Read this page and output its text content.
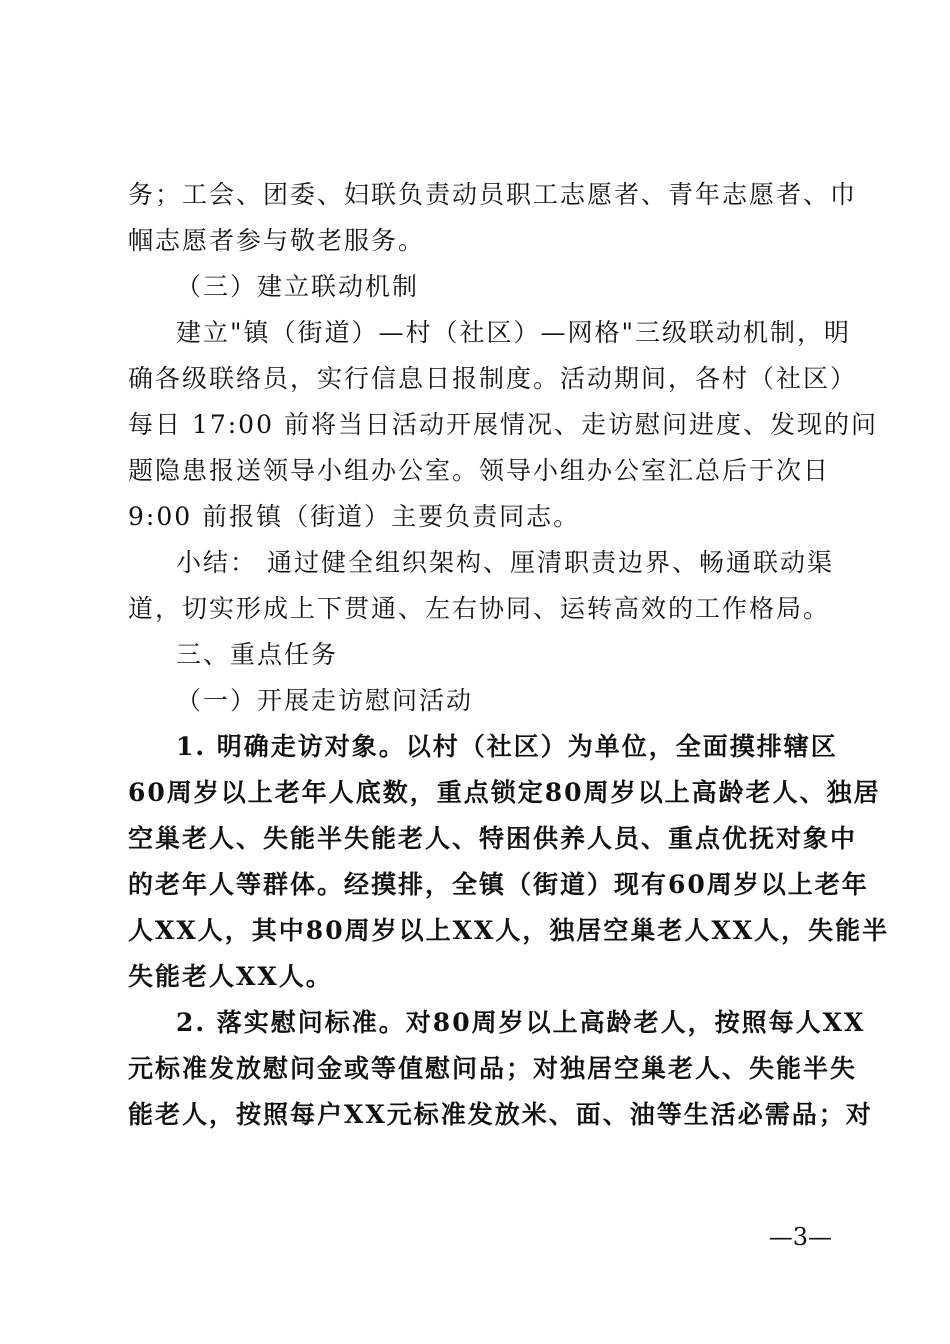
务；工会、团委、妇联负责动员职工志愿者、青年志愿者、巾
帼志愿者参与敬老服务。
（三）建立联动机制
建立"镇（街道）—村（社区）—网格"三级联动机制，明
确各级联络员，实行信息日报制度。活动期间，各村（社区）
每日 17:00 前将当日活动开展情况、走访慰问进度、发现的问
题隐患报送领导小组办公室。领导小组办公室汇总后于次日
9:00 前报镇（街道）主要负责同志。
小结： 通过健全组织架构、厘清职责边界、畅通联动渠
道，切实形成上下贯通、左右协同、运转高效的工作格局。
三、重点任务
（一）开展走访慰问活动
1. 明确走访对象。以村（社区）为单位，全面摸排辖区
60周岁以上老年人底数，重点锁定80周岁以上高龄老人、独居
空巢老人、失能半失能老人、特困供养人员、重点优抚对象中
的老年人等群体。经摸排，全镇（街道）现有60周岁以上老年
人XX人，其中80周岁以上XX人，独居空巢老人XX人，失能半
失能老人XX人。
2. 落实慰问标准。对80周岁以上高龄老人，按照每人XX
元标准发放慰问金或等值慰问品；对独居空巢老人、失能半失
能老人，按照每户XX元标准发放米、面、油等生活必需品；对
—3—
